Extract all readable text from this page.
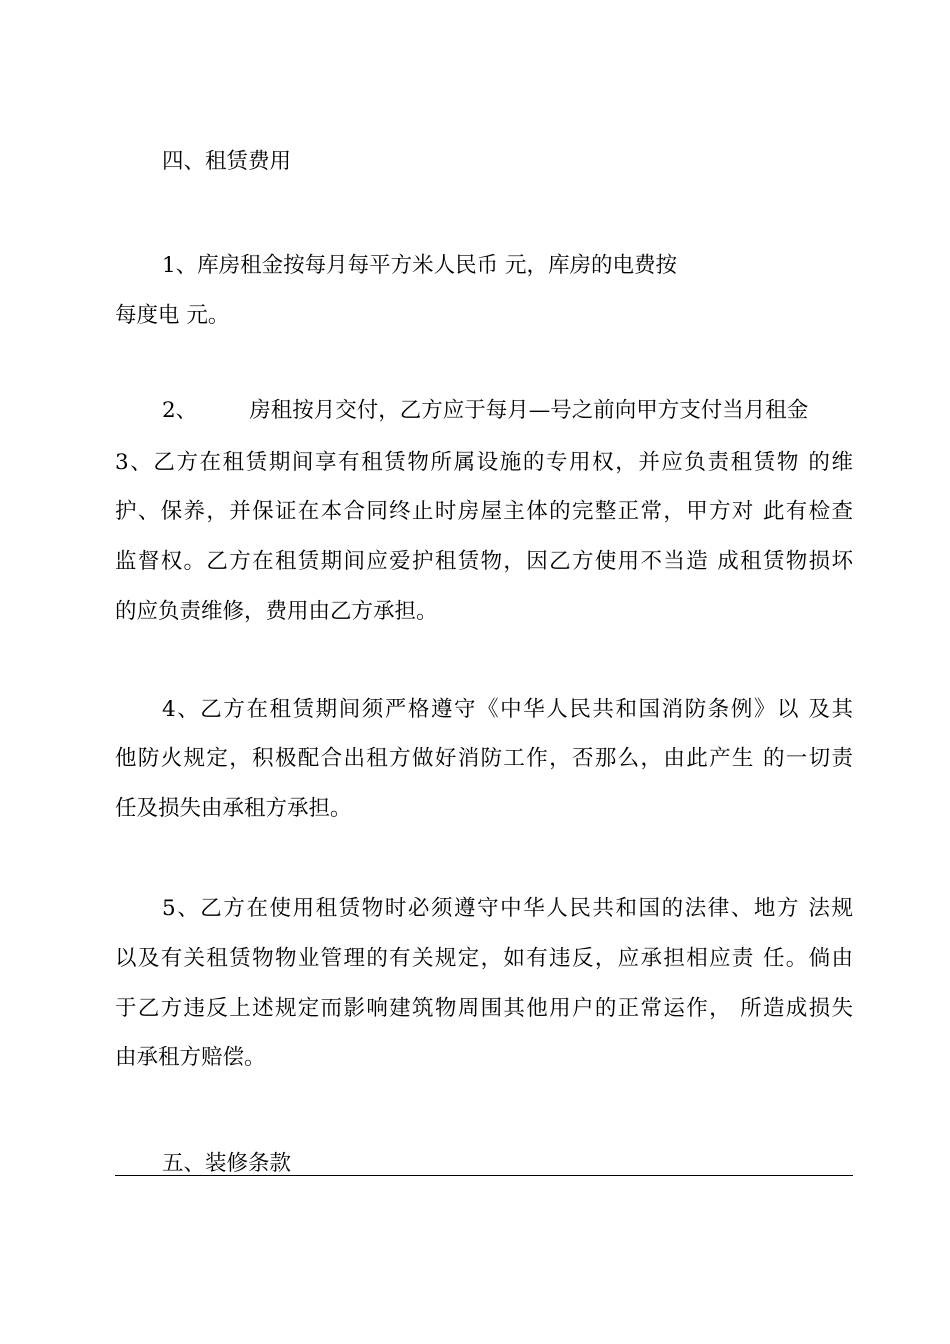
四、租赁费用
1、库房租金按每月每平方米人民币 元，库房的电费按
每度电 元。
2、 房租按月交付，乙方应于每月—号之前向甲方支付当月租金
3、乙方在租赁期间享有租赁物所属设施的专用权，并应负责租赁物 的维
护、保养，并保证在本合同终止时房屋主体的完整正常，甲方对 此有检查
监督权。乙方在租赁期间应爱护租赁物，因乙方使用不当造 成租赁物损坏
的应负责维修，费用由乙方承担。
4、乙方在租赁期间须严格遵守《中华人民共和国消防条例》以 及其
他防火规定，积极配合出租方做好消防工作，否那么，由此产生 的一切责
任及损失由承租方承担。
5、乙方在使用租赁物时必须遵守中华人民共和国的法律、地方 法规
以及有关租赁物物业管理的有关规定，如有违反，应承担相应责 任。倘由
于乙方违反上述规定而影响建筑物周围其他用户的正常运作， 所造成损失
由承租方赔偿。
五、装修条款
